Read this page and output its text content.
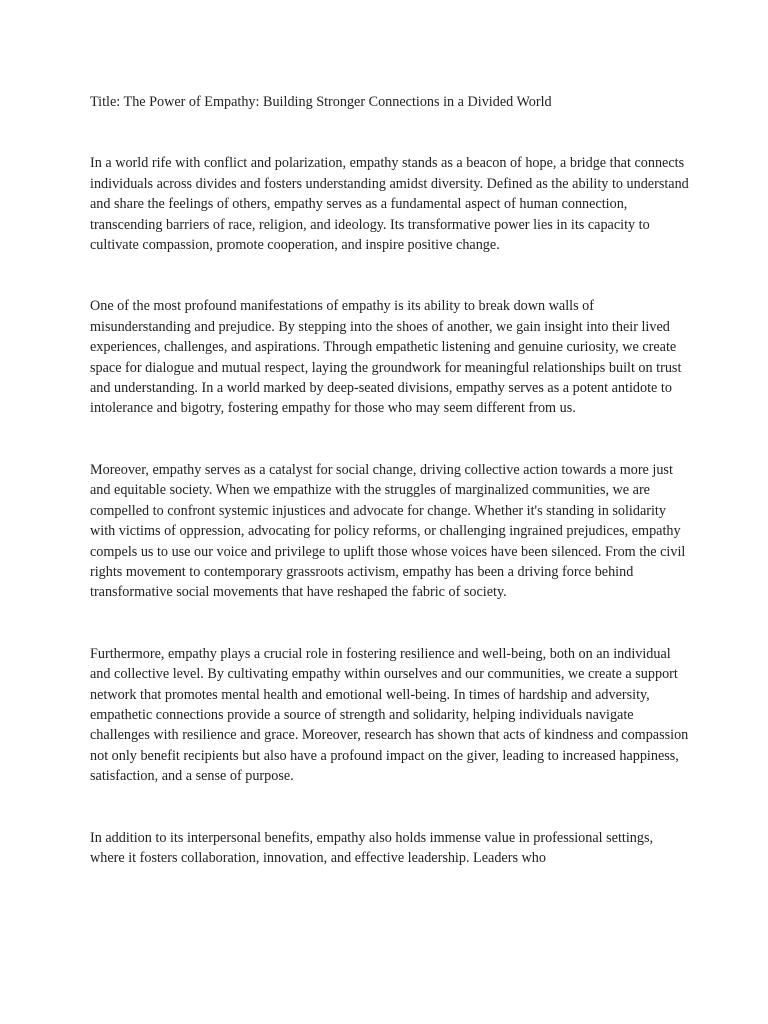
Title: The Power of Empathy: Building Stronger Connections in a Divided World

In a world rife with conflict and polarization, empathy stands as a beacon of hope, a bridge that connects individuals across divides and fosters understanding amidst diversity. Defined as the ability to understand and share the feelings of others, empathy serves as a fundamental aspect of human connection, transcending barriers of race, religion, and ideology. Its transformative power lies in its capacity to cultivate compassion, promote cooperation, and inspire positive change.

One of the most profound manifestations of empathy is its ability to break down walls of misunderstanding and prejudice. By stepping into the shoes of another, we gain insight into their lived experiences, challenges, and aspirations. Through empathetic listening and genuine curiosity, we create space for dialogue and mutual respect, laying the groundwork for meaningful relationships built on trust and understanding. In a world marked by deep-seated divisions, empathy serves as a potent antidote to intolerance and bigotry, fostering empathy for those who may seem different from us.

Moreover, empathy serves as a catalyst for social change, driving collective action towards a more just and equitable society. When we empathize with the struggles of marginalized communities, we are compelled to confront systemic injustices and advocate for change. Whether it's standing in solidarity with victims of oppression, advocating for policy reforms, or challenging ingrained prejudices, empathy compels us to use our voice and privilege to uplift those whose voices have been silenced. From the civil rights movement to contemporary grassroots activism, empathy has been a driving force behind transformative social movements that have reshaped the fabric of society.

Furthermore, empathy plays a crucial role in fostering resilience and well-being, both on an individual and collective level. By cultivating empathy within ourselves and our communities, we create a support network that promotes mental health and emotional well-being. In times of hardship and adversity, empathetic connections provide a source of strength and solidarity, helping individuals navigate challenges with resilience and grace. Moreover, research has shown that acts of kindness and compassion not only benefit recipients but also have a profound impact on the giver, leading to increased happiness, satisfaction, and a sense of purpose.

In addition to its interpersonal benefits, empathy also holds immense value in professional settings, where it fosters collaboration, innovation, and effective leadership. Leaders who
